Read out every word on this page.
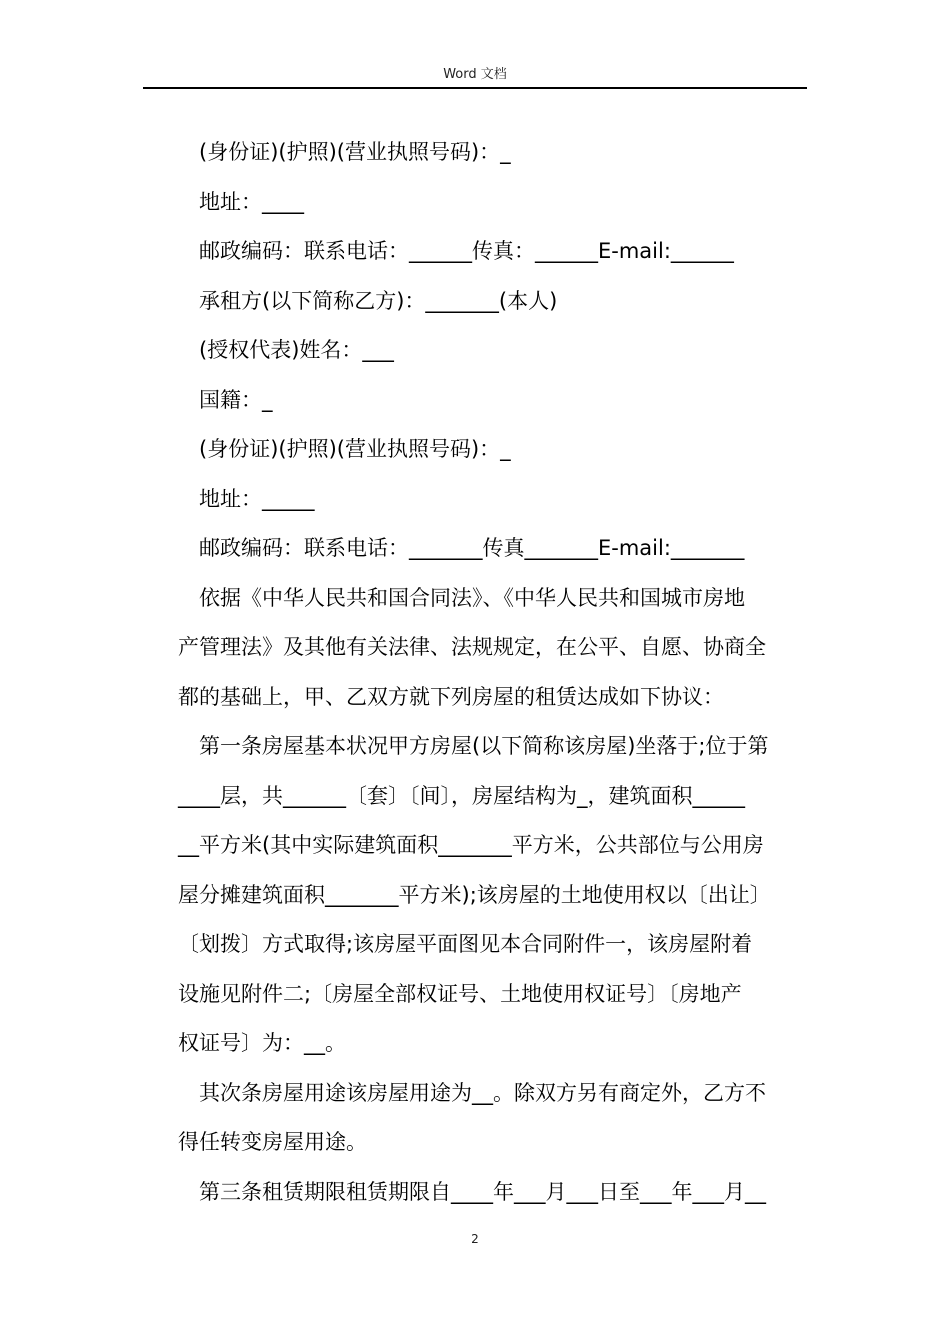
Word 文档
(身份证)(护照)(营业执照号码)：_
地址：____
邮政编码：联系电话：______传真：______E-mail:______
承租方(以下简称乙方)：_______(本人)
(授权代表)姓名：___
国籍：_
(身份证)(护照)(营业执照号码)：_
地址：_____
邮政编码：联系电话：_______传真_______E-mail:_______
依据《中华人民共和国合同法》、《中华人民共和国城市房地
产管理法》及其他有关法律、法规规定，在公平、自愿、协商全
都的基础上，甲、乙双方就下列房屋的租赁达成如下协议：
第一条房屋基本状况甲方房屋(以下简称该房屋)坐落于;位于第
____层，共______〔套〕〔间〕，房屋结构为_，建筑面积_____
__平方米(其中实际建筑面积_______平方米，公共部位与公用房
屋分摊建筑面积_______平方米);该房屋的土地使用权以〔出让〕
〔划拨〕方式取得;该房屋平面图见本合同附件一，该房屋附着
设施见附件二;〔房屋全部权证号、土地使用权证号〕〔房地产
权证号〕为：__。
其次条房屋用途该房屋用途为__。除双方另有商定外，乙方不
得任转变房屋用途。
第三条租赁期限租赁期限自____年___月___日至___年___月__
2
